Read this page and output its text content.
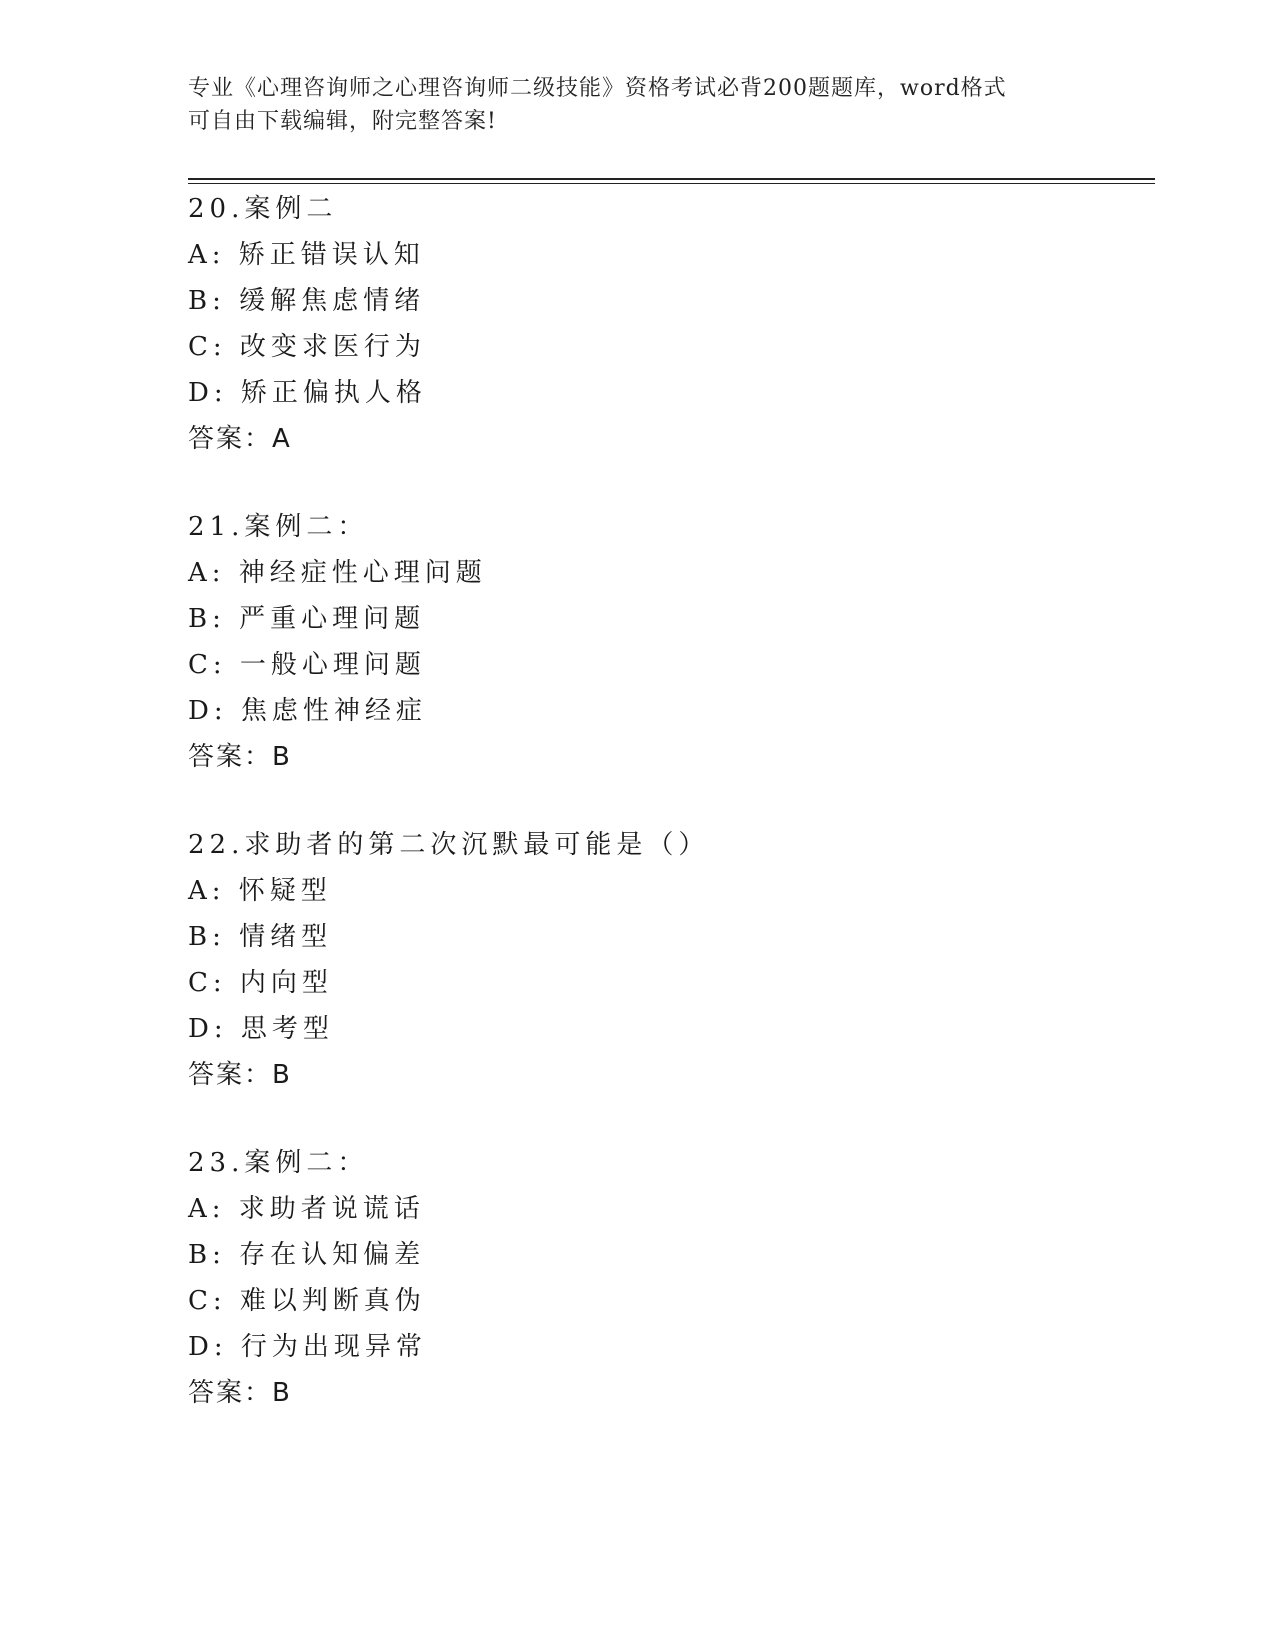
专业《心理咨询师之心理咨询师二级技能》资格考试必背200题题库，word格式
可自由下载编辑，附完整答案!
20.案例二
A: 矫正错误认知
B: 缓解焦虑情绪
C: 改变求医行为
D: 矫正偏执人格
答案：A
21.案例二：
A: 神经症性心理问题
B: 严重心理问题
C: 一般心理问题
D: 焦虑性神经症
答案：B
22.求助者的第二次沉默最可能是（）
A: 怀疑型
B: 情绪型
C: 内向型
D: 思考型
答案：B
23.案例二：
A: 求助者说谎话
B: 存在认知偏差
C: 难以判断真伪
D: 行为出现异常
答案：B
